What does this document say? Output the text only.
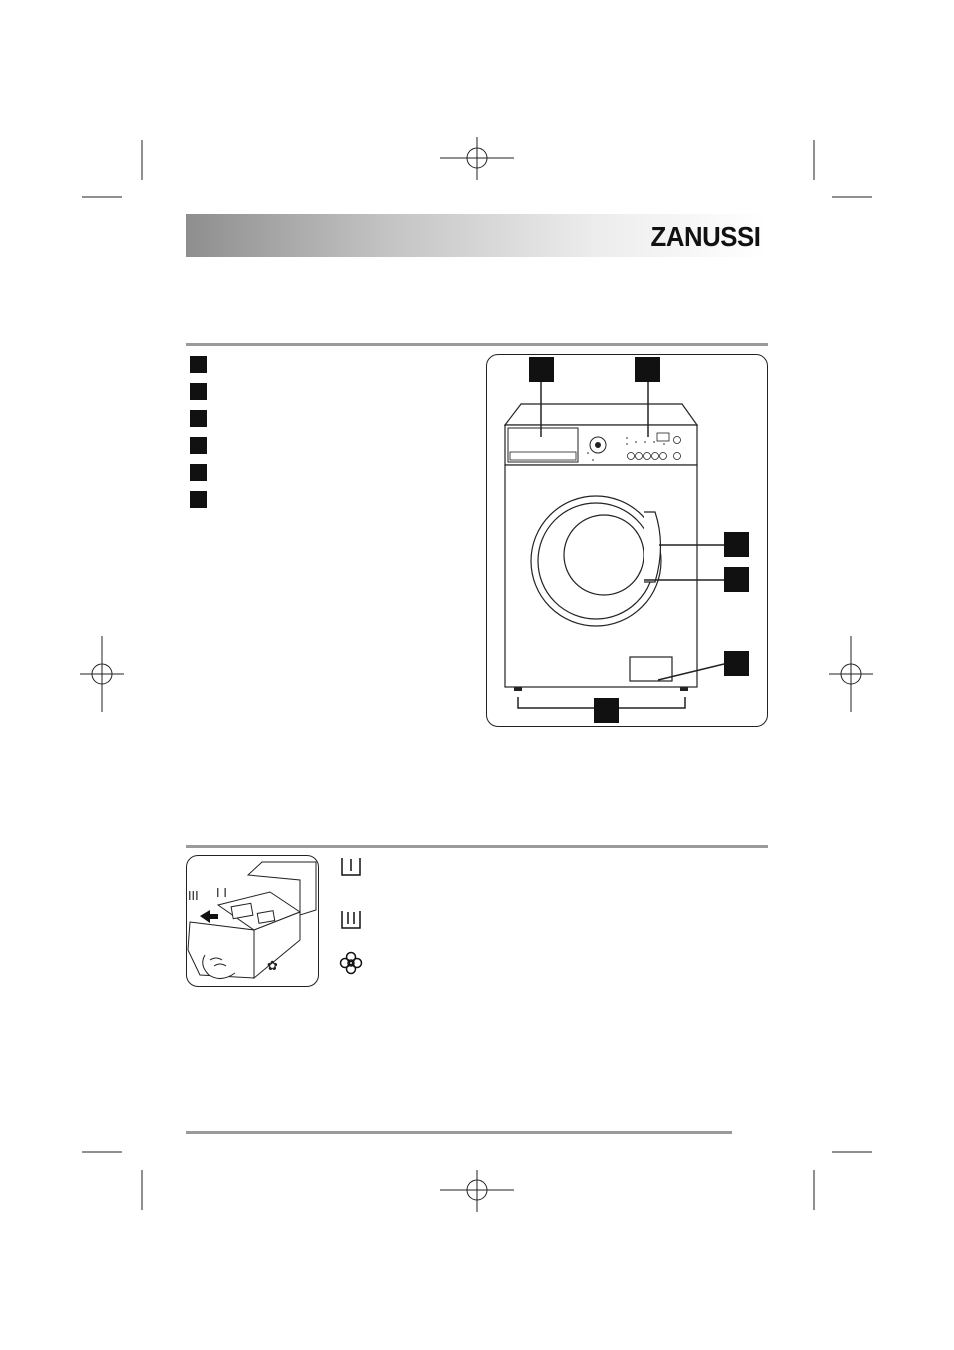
ZANUSSI
✿
III I I
